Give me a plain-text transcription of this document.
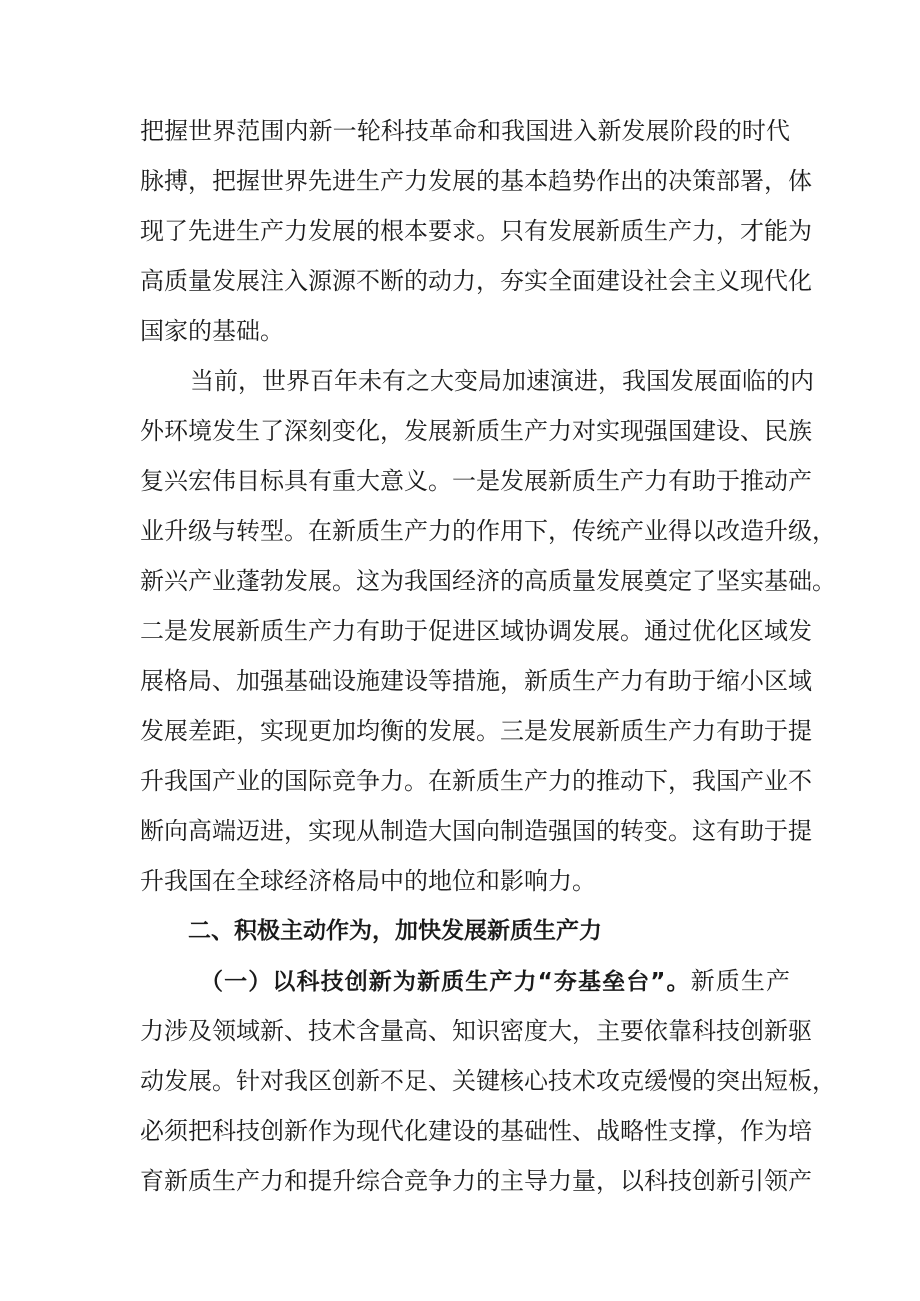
把握世界范围内新一轮科技革命和我国进入新发展阶段的时代
脉搏，把握世界先进生产力发展的基本趋势作出的决策部署，体
现了先进生产力发展的根本要求。只有发展新质生产力，才能为
高质量发展注入源源不断的动力，夯实全面建设社会主义现代化
国家的基础。
当前，世界百年未有之大变局加速演进，我国发展面临的内
外环境发生了深刻变化，发展新质生产力对实现强国建设、民族
复兴宏伟目标具有重大意义。一是发展新质生产力有助于推动产
业升级与转型。在新质生产力的作用下，传统产业得以改造升级，
新兴产业蓬勃发展。这为我国经济的高质量发展奠定了坚实基础。
二是发展新质生产力有助于促进区域协调发展。通过优化区域发
展格局、加强基础设施建设等措施，新质生产力有助于缩小区域
发展差距，实现更加均衡的发展。三是发展新质生产力有助于提
升我国产业的国际竞争力。在新质生产力的推动下，我国产业不
断向高端迈进，实现从制造大国向制造强国的转变。这有助于提
升我国在全球经济格局中的地位和影响力。
二、积极主动作为，加快发展新质生产力
（一）以科技创新为新质生产力“夯基垒台”。新质生产
力涉及领域新、技术含量高、知识密度大，主要依靠科技创新驱
动发展。针对我区创新不足、关键核心技术攻克缓慢的突出短板，
必须把科技创新作为现代化建设的基础性、战略性支撑，作为培
育新质生产力和提升综合竞争力的主导力量，以科技创新引领产
